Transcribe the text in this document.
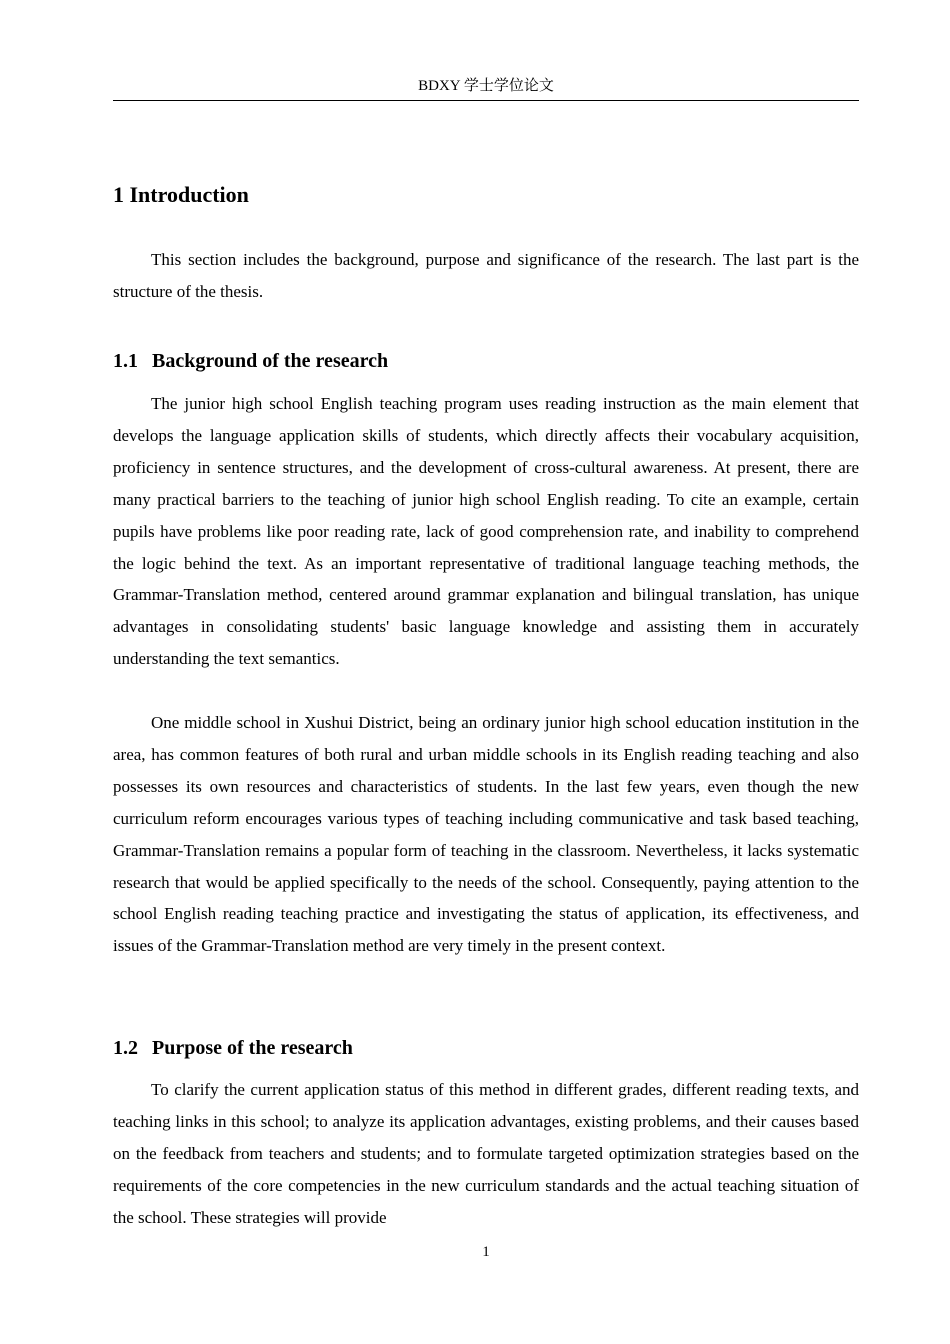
BDXY 学士学位论文
1 Introduction

This section includes the background, purpose and significance of the research. The last part is the structure of the thesis.

1.1 Background of the research

The junior high school English teaching program uses reading instruction as the main element that develops the language application skills of students, which directly affects their vocabulary acquisition, proficiency in sentence structures, and the development of cross-cultural awareness. At present, there are many practical barriers to the teaching of junior high school English reading. To cite an example, certain pupils have problems like poor reading rate, lack of good comprehension rate, and inability to comprehend the logic behind the text. As an important representative of traditional language teaching methods, the Grammar-Translation method, centered around grammar explanation and bilingual translation, has unique advantages in consolidating students' basic language knowledge and assisting them in accurately understanding the text semantics.

One middle school in Xushui District, being an ordinary junior high school education institution in the area, has common features of both rural and urban middle schools in its English reading teaching and also possesses its own resources and characteristics of students. In the last few years, even though the new curriculum reform encourages various types of teaching including communicative and task based teaching, Grammar-Translation remains a popular form of teaching in the classroom. Nevertheless, it lacks systematic research that would be applied specifically to the needs of the school. Consequently, paying attention to the school English reading teaching practice and investigating the status of application, its effectiveness, and issues of the Grammar-Translation method are very timely in the present context.

1.2 Purpose of the research

To clarify the current application status of this method in different grades, different reading texts, and teaching links in this school; to analyze its application advantages, existing problems, and their causes based on the feedback from teachers and students; and to formulate targeted optimization strategies based on the requirements of the core competencies in the new curriculum standards and the actual teaching situation of the school. These strategies will provide

1
